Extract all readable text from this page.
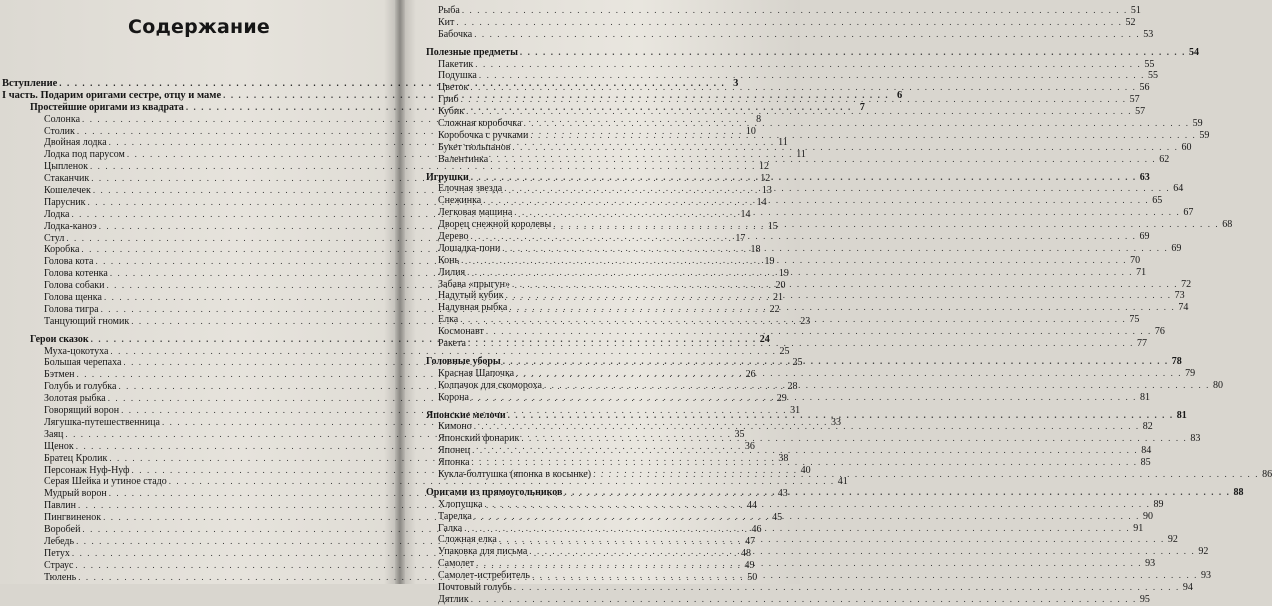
Содержание
Вступление . . .	3
I часть. Подарим оригами сестре, отцу и маме . . .	6
Простейшие оригами из квадрата . . .	7
Солонка . . .	8
Столик . . .	10
Двойная лодка . . .	11
Лодка под парусом . . .	11
Цыпленок . . .	12
Стаканчик . . .	12
Кошелечек . . .	13
Парусник . . .	14
Лодка . . .	14
Лодка-каноэ . . .	15
Стул . . .	17
Коробка . . .	18
Голова кота . . .	19
Голова котенка . . .	19
Голова собаки . . .	20
Голова щенка . . .	21
Голова тигра . . .	22
Танцующий гномик . . .	23
Герои сказок . . .	24
Муха-цокотуха . . .	25
Большая черепаха . . .	25
Бэтмен . . .	26
Голубь и голубка . . .	28
Золотая рыбка . . .	29
Говорящий ворон . . .	31
Лягушка-путешественница . . .	33
Заяц . . .	35
Щенок . . .	36
Братец Кролик . . .	38
Персонаж Нуф-Нуф . . .	40
Серая Шейка и утиное стадо . . .	41
Мудрый ворон . . .	43
Павлин . . .	44
Пингвиненок . . .	45
Воробей . . .	46
Лебедь . . .	47
Петух . . .	48
Страус . . .	49
Тюлень . . .	50
Рыба . . .	51
Кит . . .	52
Бабочка . . .	53
Полезные предметы . . .	54
Пакетик . . .	55
Подушка . . .	55
Цветок . . .	56
Гриб . . .	57
Кубик . . .	57
Сложная коробочка . . .	59
Коробочка с ручками . . .	59
Букет тюльпанов . . .	60
Валентинка . . .	62
Игрушки . . .	63
Елочная звезда . . .	64
Снежинка . . .	65
Легковая машина . . .	67
Дворец снежной королевы . . .	68
Дерево . . .	69
Лошадка-пони . . .	69
Конь . . .	70
Лилия . . .	71
Забава «прыгун» . . .	72
Надутый кубик . . .	73
Надувная рыбка . . .	74
Елка . . .	75
Космонавт . . .	76
Ракета . . .	77
Головные уборы . . .	78
Красная Шапочка . . .	79
Колпачок для скомороха . . .	80
Корона . . .	81
Японские мелочи . . .	81
Кимоно . . .	82
Японский фонарик . . .	83
Японец . . .	84
Японка . . .	85
Кукла-болтушка (японка в косынке) . . .	86
Оригами из прямоугольников . . .	88
Хлопушка . . .	89
Тарелка . . .	90
Галка . . .	91
Сложная елка . . .	92
Упаковка для письма . . .	92
Самолет . . .	93
Самолет-истребитель . . .	93
Почтовый голубь . . .	94
Дятлик . . .	95
